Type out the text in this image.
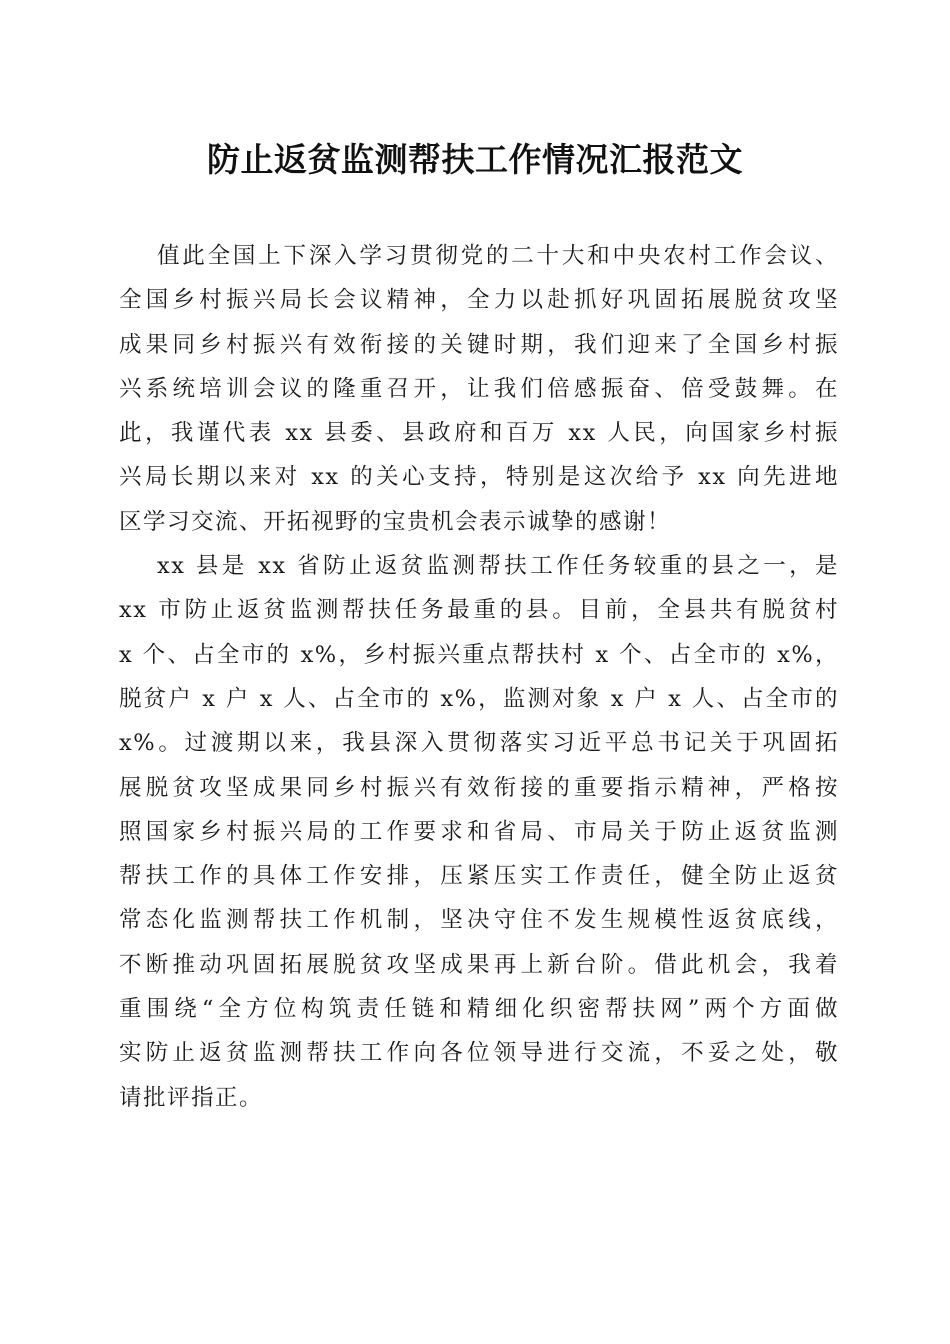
防止返贫监测帮扶工作情况汇报范文
值此全国上下深入学习贯彻党的二十大和中央农村工作会议、
全国乡村振兴局长会议精神，全力以赴抓好巩固拓展脱贫攻坚
成果同乡村振兴有效衔接的关键时期，我们迎来了全国乡村振
兴系统培训会议的隆重召开，让我们倍感振奋、倍受鼓舞。在
此，我谨代表 xx 县委、县政府和百万 xx 人民，向国家乡村振
兴局长期以来对 xx 的关心支持，特别是这次给予 xx 向先进地
区学习交流、开拓视野的宝贵机会表示诚挚的感谢！
xx 县是 xx 省防止返贫监测帮扶工作任务较重的县之一，是
xx 市防止返贫监测帮扶任务最重的县。目前，全县共有脱贫村
x 个、占全市的 x%，乡村振兴重点帮扶村 x 个、占全市的 x%，
脱贫户 x 户 x 人、占全市的 x%，监测对象 x 户 x 人、占全市的
x%。过渡期以来，我县深入贯彻落实习近平总书记关于巩固拓
展脱贫攻坚成果同乡村振兴有效衔接的重要指示精神，严格按
照国家乡村振兴局的工作要求和省局、市局关于防止返贫监测
帮扶工作的具体工作安排，压紧压实工作责任，健全防止返贫
常态化监测帮扶工作机制，坚决守住不发生规模性返贫底线，
不断推动巩固拓展脱贫攻坚成果再上新台阶。借此机会，我着
重围绕“全方位构筑责任链和精细化织密帮扶网”两个方面做
实防止返贫监测帮扶工作向各位领导进行交流，不妥之处，敬
请批评指正。
